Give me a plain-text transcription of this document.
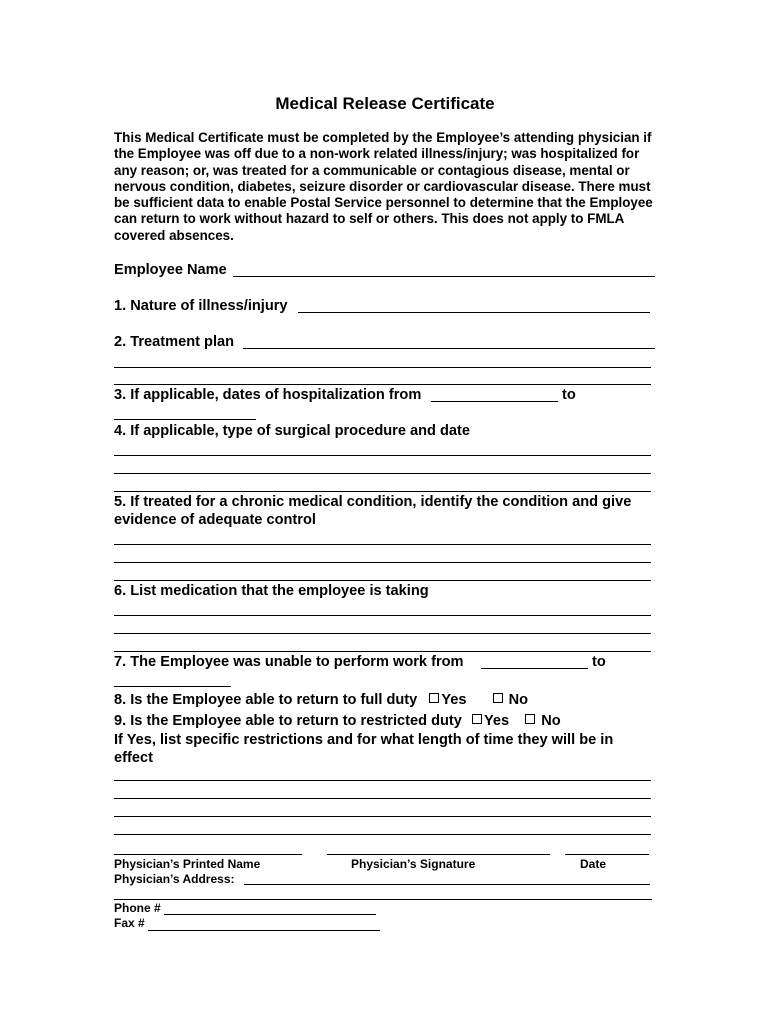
Medical Release Certificate
This Medical Certificate must be completed by the Employee’s attending physician if the Employee was off due to a non-work related illness/injury; was hospitalized for any reason; or, was treated for a communicable or contagious disease, mental or nervous condition, diabetes, seizure disorder or cardiovascular disease. There must be sufficient data to enable Postal Service personnel to determine that the Employee can return to work without hazard to self or others. This does not apply to FMLA covered absences.
Employee Name
1. Nature of illness/injury
2. Treatment plan
3. If applicable, dates of hospitalization from	to
4. If applicable, type of surgical procedure and date
5. If treated for a chronic medical condition, identify the condition and give
evidence of adequate control
6. List medication that the employee is taking
7. The Employee was unable to perform work from	to
8. Is the Employee able to return to full duty Yes	No
9. Is the Employee able to return to restricted duty Yes No
If Yes, list specific restrictions and for what length of time they will be in
effect
Physician’s Printed Name	Physician’s Signature	Date
Physician’s Address:
Phone #
Fax #
